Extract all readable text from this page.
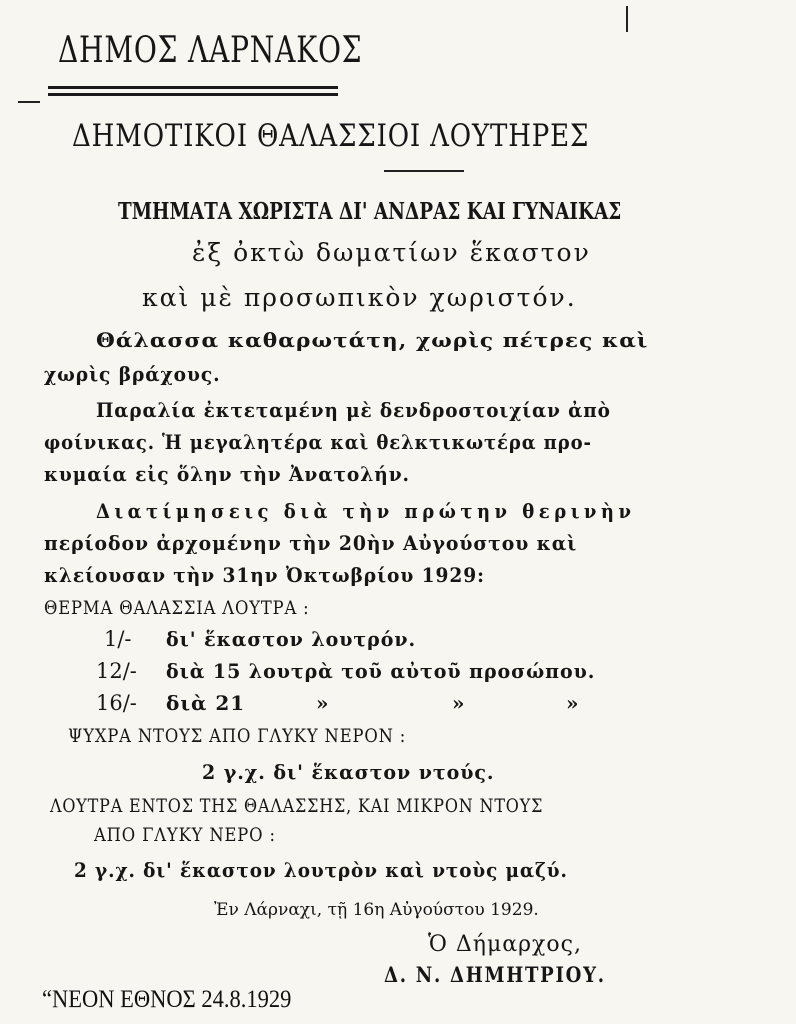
ΔΗΜΟΣ ΛΑΡΝΑΚΟΣ
ΔΗΜΟΤΙΚΟΙ ΘΑΛΑΣΣΙΟΙ ΛΟΥΤΗΡΕΣ
ΤΜΗΜΑΤΑ ΧΩΡΙΣΤΑ ΔΙ' ΑΝΔΡΑΣ ΚΑΙ ΓΥΝΑΙΚΑΣ
ἐξ ὀκτὼ δωματίων ἕκαστον
καὶ μὲ προσωπικὸν χωριστόν.
Θάλασσα καθαρωτάτη, χωρὶς πέτρες καὶ
χωρὶς βράχους.
Παραλία ἐκτεταμένη μὲ δενδροστοιχίαν ἀπὸ
φοίνικας. Ἡ μεγαλητέρα καὶ θελκτικωτέρα προ-
κυμαία εἰς ὅλην τὴν Ἀνατολήν.
Διατίμησεις διὰ τὴν πρώτην θερινὴν
περίοδον ἀρχομένην τὴν 20ὴν Αὐγούστου καὶ
κλείουσαν τὴν 31ην Ὀκτωβρίου 1929:
ΘΕΡΜΑ ΘΑΛΑΣΣΙΑ ΛΟΥΤΡΑ :
1/- δι' ἕκαστον λουτρόν.
12/- διὰ 15 λουτρὰ τοῦ αὐτοῦ προσώπου.
16/- διὰ 21	»	»	»
ΨΥΧΡΑ ΝΤΟΥΣ ΑΠΟ ΓΛΥΚΥ ΝΕΡΟΝ :
2 γ.χ. δι' ἕκαστον ντούς.
ΛΟΥΤΡΑ ΕΝΤΟΣ ΤΗΣ ΘΑΛΑΣΣΗΣ, ΚΑΙ ΜΙΚΡΟΝ ΝΤΟΥΣ
ΑΠΟ ΓΛΥΚΥ ΝΕΡΟ :
2 γ.χ. δι' ἕκαστον λουτρὸν καὶ ντοὺς μαζύ.
Ἐν Λάρναχι, τῇ 16η Αὐγούστου 1929.
Ὁ Δήμαρχος,
Δ. Ν. ΔΗΜΗΤΡΙΟΥ.
“ΝΕΟΝ ΕΘΝΟΣ 24.8.1929
